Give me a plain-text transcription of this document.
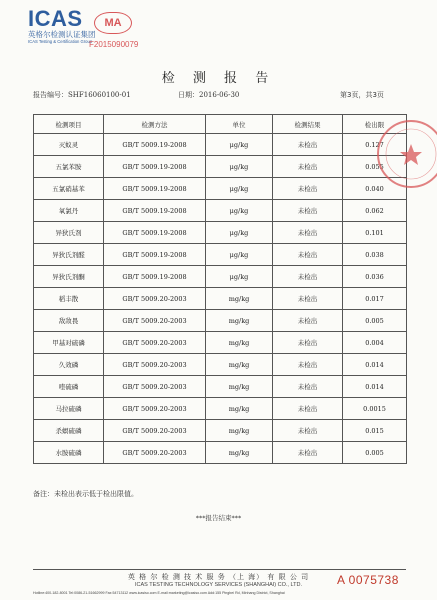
ICAS
英格尔检测认证集团
ICAS Testing & Certification Group
MA
F2015090079
检 测 报 告
报告编号：SHF16060100-01	日期：2016-06-30	第3页，共3页
检测项目	检测方法	单位	检测结果	检出限
灭蚁灵	GB/T 5009.19-2008	μg/kg	未检出	0.127
五氯苯胺	GB/T 5009.19-2008	μg/kg	未检出	0.055
五氯硝基苯	GB/T 5009.19-2008	μg/kg	未检出	0.040
氧氯丹	GB/T 5009.19-2008	μg/kg	未检出	0.062
异狄氏剂	GB/T 5009.19-2008	μg/kg	未检出	0.101
异狄氏剂醛	GB/T 5009.19-2008	μg/kg	未检出	0.038
异狄氏剂酮	GB/T 5009.19-2008	μg/kg	未检出	0.036
稻丰散	GB/T 5009.20-2003	mg/kg	未检出	0.017
敌敌畏	GB/T 5009.20-2003	mg/kg	未检出	0.005
甲基对硫磷	GB/T 5009.20-2003	mg/kg	未检出	0.004
久效磷	GB/T 5009.20-2003	mg/kg	未检出	0.014
喹硫磷	GB/T 5009.20-2003	mg/kg	未检出	0.014
马拉硫磷	GB/T 5009.20-2003	mg/kg	未检出	0.0015
杀螟硫磷	GB/T 5009.20-2003	mg/kg	未检出	0.015
水胺硫磷	GB/T 5009.20-2003	mg/kg	未检出	0.005
备注：未检出表示低于检出限值。
***报告结束***
英 格 尔 检 测 技 术 服 务 （上 海） 有 限 公 司
ICAS TESTING TECHNOLOGY SERVICES (SHANGHAI) CO., LTD.
Hotline:400-182-8001 Tel:0086-21-51662999 Fax:54713112 www.icasiso.com E-mail:marketing@icasiso.com Add:155 Pingbei Rd, Minhang District, Shanghai
A 0075738
